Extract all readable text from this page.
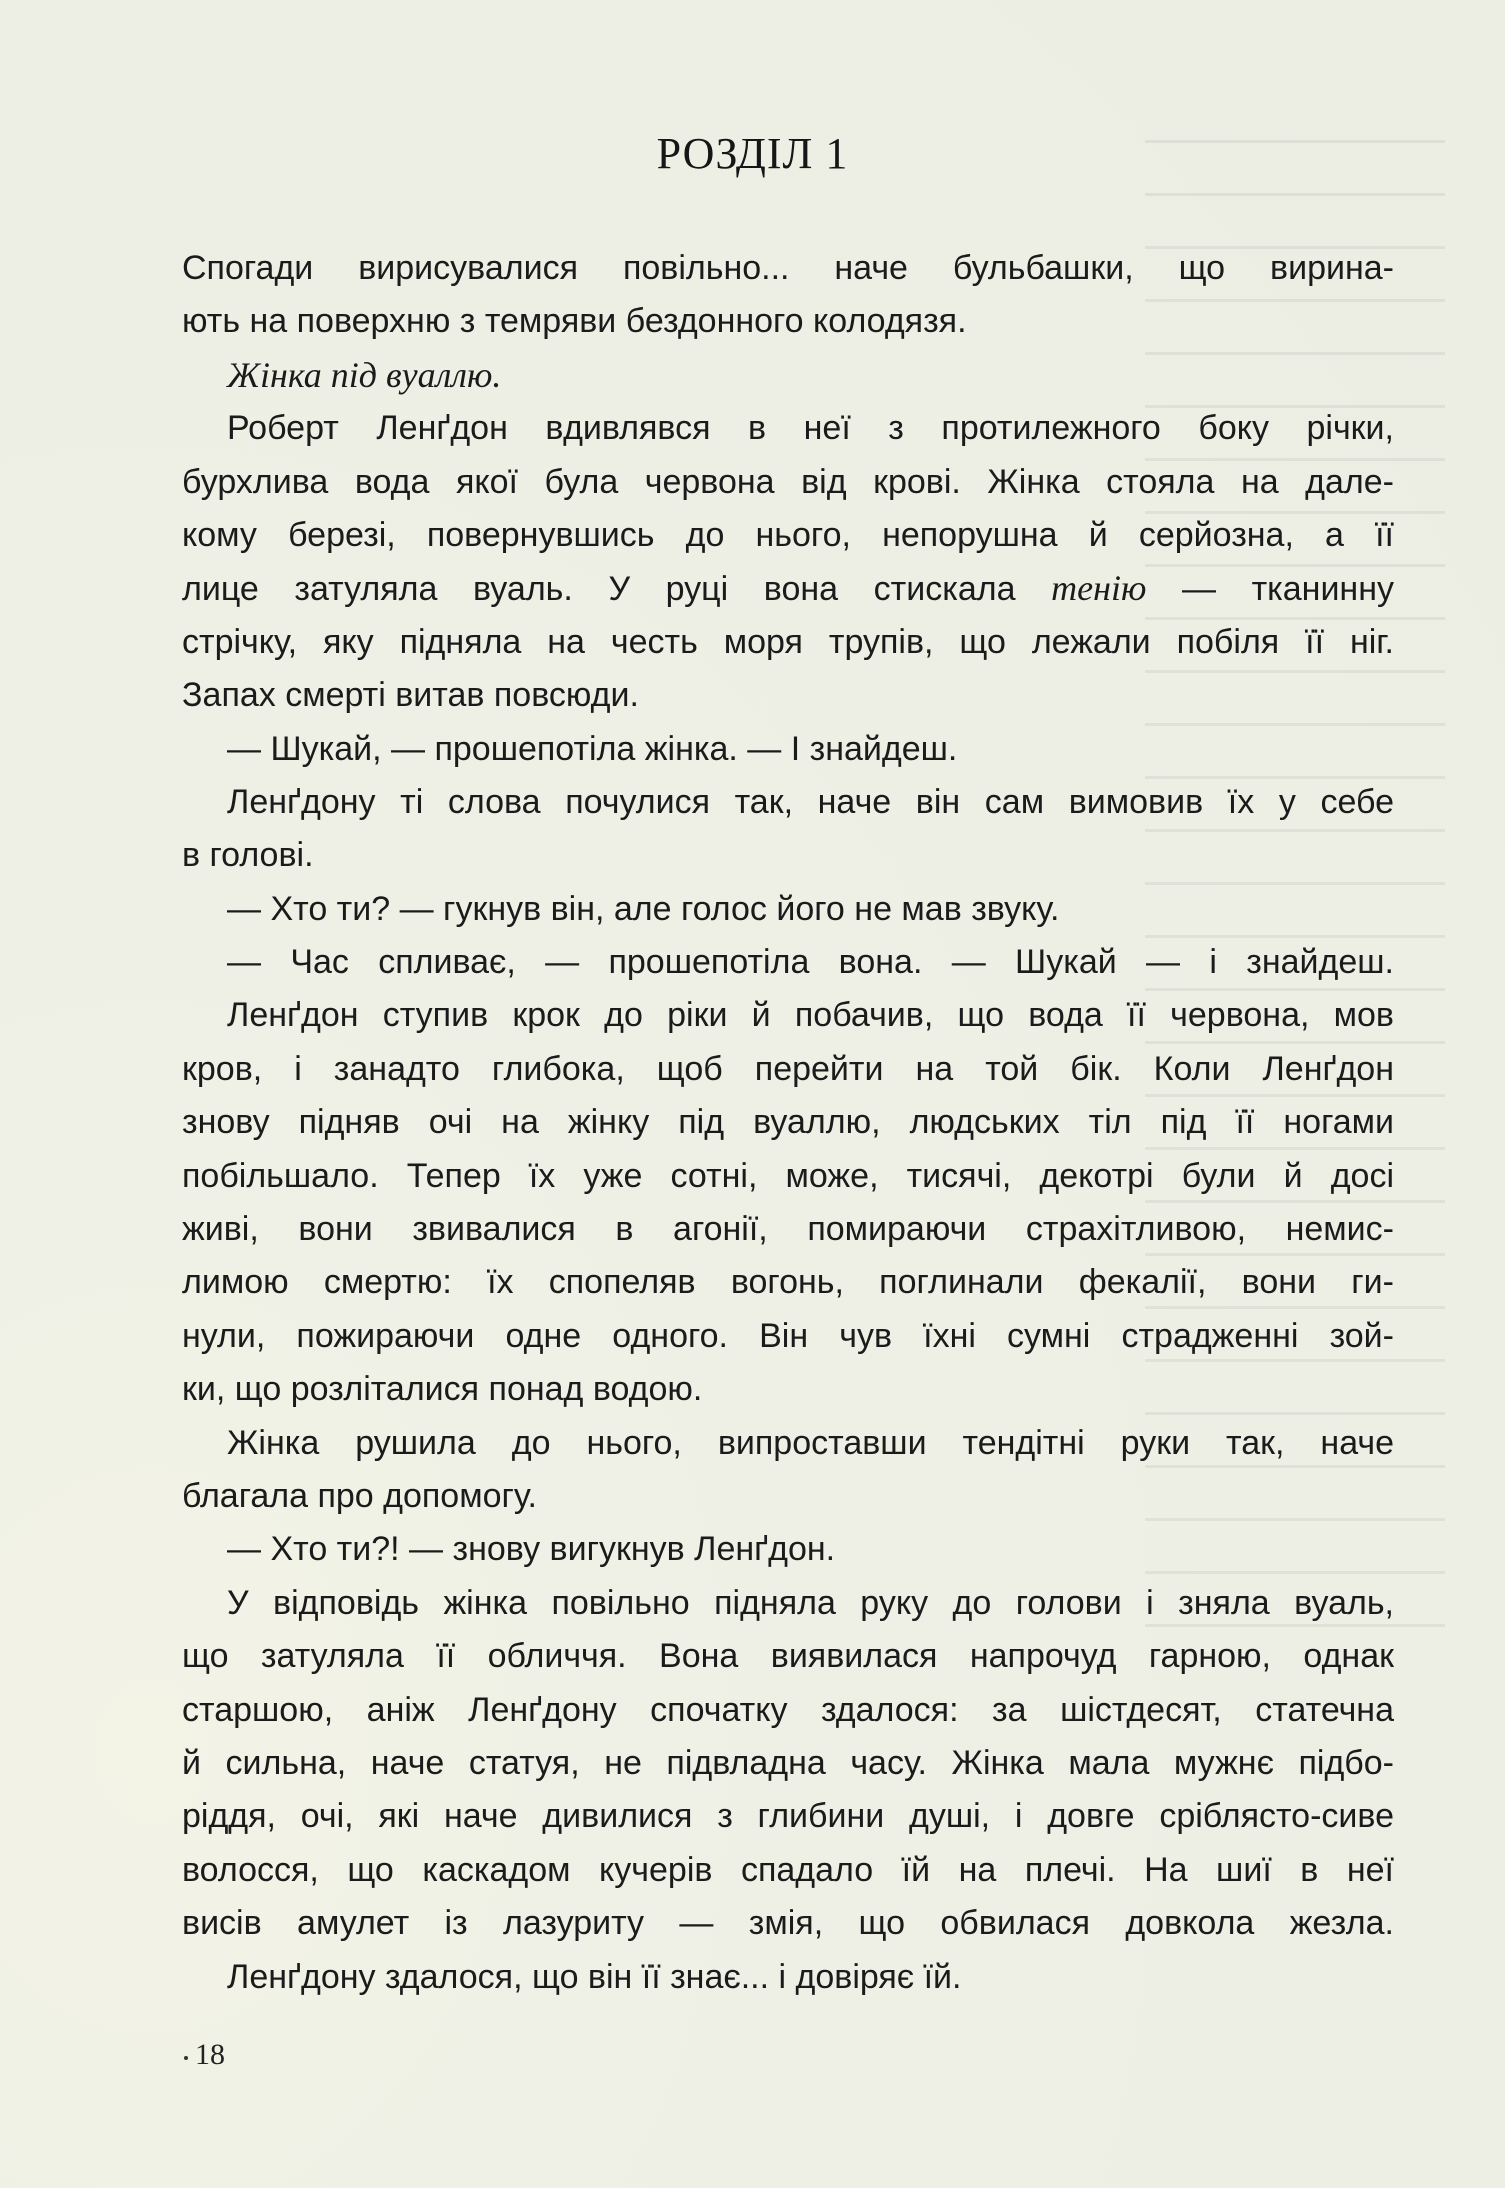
РОЗДІЛ 1
Спогади вирисувалися повільно... наче бульбашки, що вирина-
ють на поверхню з темряви бездонного колодязя.
Жінка під вуаллю.
Роберт Ленґдон вдивлявся в неї з протилежного боку річки,
бурхлива вода якої була червона від крові. Жінка стояла на дале-
кому березі, повернувшись до нього, непорушна й серйозна, а її
лице затуляла вуаль. У руці вона стискала тенію — тканинну
стрічку, яку підняла на честь моря трупів, що лежали побіля її ніг.
Запах смерті витав повсюди.
— Шукай, — прошепотіла жінка. — І знайдеш.
Ленґдону ті слова почулися так, наче він сам вимовив їх у себе
в голові.
— Хто ти? — гукнув він, але голос його не мав звуку.
— Час спливає, — прошепотіла вона. — Шукай — і знайдеш.
Ленґдон ступив крок до ріки й побачив, що вода її червона, мов
кров, і занадто глибока, щоб перейти на той бік. Коли Ленґдон
знову підняв очі на жінку під вуаллю, людських тіл під її ногами
побільшало. Тепер їх уже сотні, може, тисячі, декотрі були й досі
живі, вони звивалися в агонії, помираючи страхітливою, немис-
лимою смертю: їх спопеляв вогонь, поглинали фекалії, вони ги-
нули, пожираючи одне одного. Він чув їхні сумні страдженні зой-
ки, що розліталися понад водою.
Жінка рушила до нього, випроставши тендітні руки так, наче
благала про допомогу.
— Хто ти?! — знову вигукнув Ленґдон.
У відповідь жінка повільно підняла руку до голови і зняла вуаль,
що затуляла її обличчя. Вона виявилася напрочуд гарною, однак
старшою, аніж Ленґдону спочатку здалося: за шістдесят, статечна
й сильна, наче статуя, не підвладна часу. Жінка мала мужнє підбо-
ріддя, очі, які наче дивилися з глибини душі, і довге сріблясто-сиве
волосся, що каскадом кучерів спадало їй на плечі. На шиї в неї
висів амулет із лазуриту — змія, що обвилася довкола жезла.
Ленґдону здалося, що він її знає... і довіряє їй.
18
